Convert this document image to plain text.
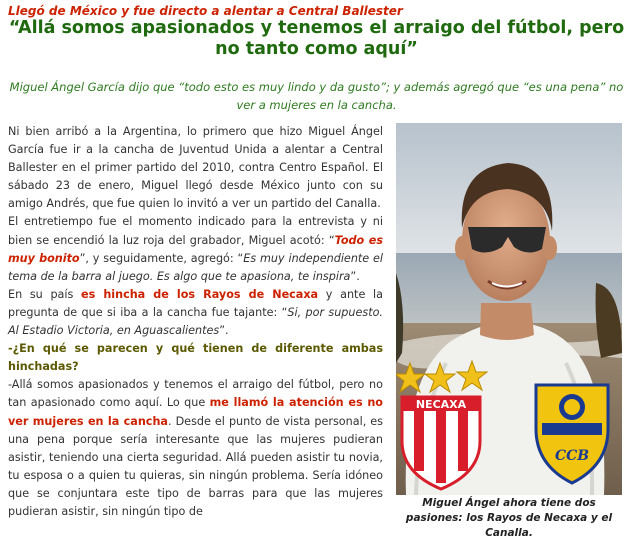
Llegó de México y fue directo a alentar a Central Ballester
“Allá somos apasionados y tenemos el arraigo del fútbol, pero no tanto como aquí”
Miguel Ángel García dijo que “todo esto es muy lindo y da gusto”; y además agregó que “es una pena” no ver a mujeres en la cancha.

Ni bien arribó a la Argentina, lo primero que hizo Miguel Ángel García fue ir a la cancha de Juventud Unida a alentar a Central Ballester en el primer partido del 2010, contra Centro Español. El sábado 23 de enero, Miguel llegó desde México junto con su amigo Andrés, que fue quien lo invitó a ver un partido del Canalla.

El entretiempo fue el momento indicado para la entrevista y ni bien se encendió la luz roja del grabador, Miguel acotó: “Todo es muy bonito”, y seguidamente, agregó: “Es muy independiente el tema de la barra al juego. Es algo que te apasiona, te inspira”.

En su país es hincha de los Rayos de Necaxa y ante la pregunta de que si iba a la cancha fue tajante: “Si, por supuesto. Al Estadio Victoria, en Aguascalientes”.

-¿En qué se parecen y qué tienen de diferente ambas hinchadas?

-Allá somos apasionados y tenemos el arraigo del fútbol, pero no tan apasionado como aquí. Lo que me llamó la atención es no ver mujeres en la cancha. Desde el punto de vista personal, es una pena porque sería interesante que las mujeres pudieran asistir, teniendo una cierta seguridad. Allá pueden asistir tu novia, tu esposa o a quien tu quieras, sin ningún problema. Sería idóneo que se conjuntara este tipo de barras para que las mujeres pudieran asistir, sin ningún tipo de

NECAXA
CCB
Miguel Ángel ahora tiene dos pasiones: los Rayos de Necaxa y el Canalla.
